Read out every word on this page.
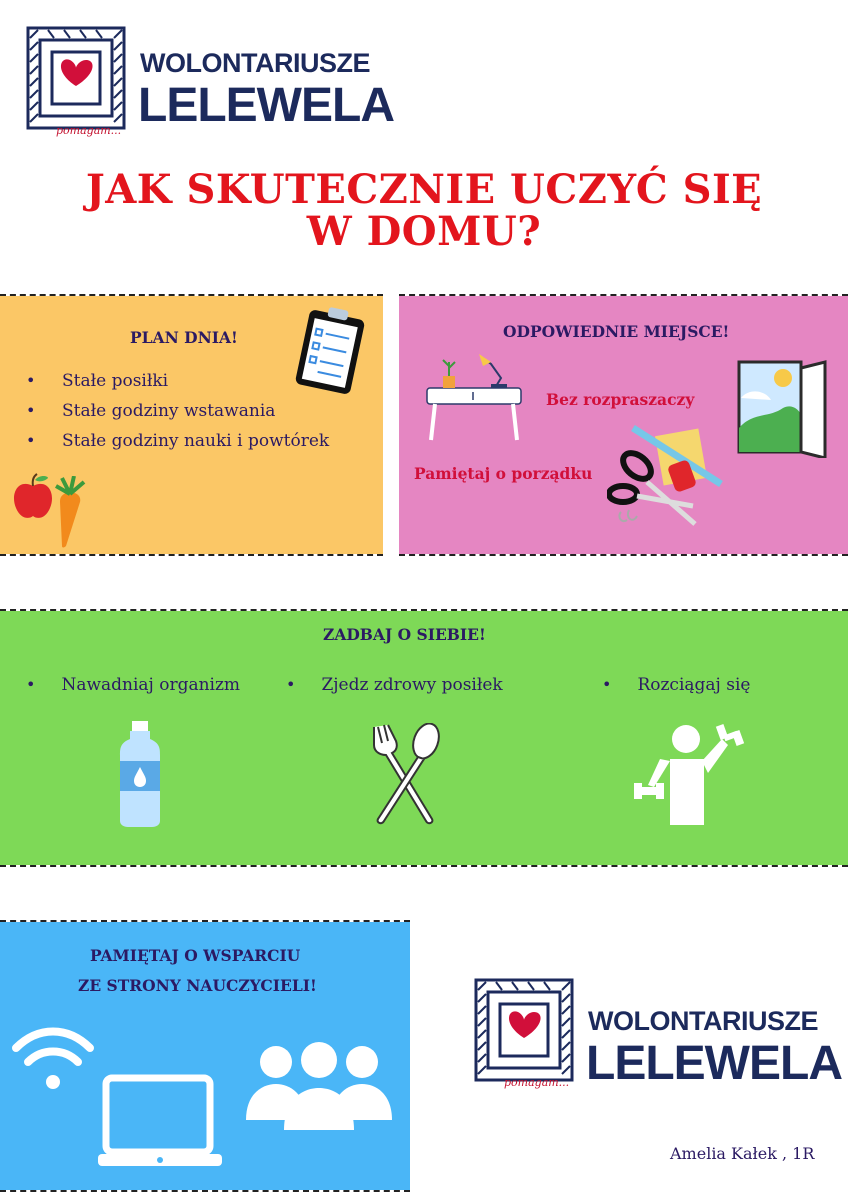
pomagam...
WOLONTARIUSZE
LELEWELA
JAK SKUTECZNIE UCZYĆ SIĘ
W DOMU?
PLAN DNIA!
• Stałe posiłki
• Stałe godziny wstawania
• Stałe godziny nauki i powtórek
ODPOWIEDNIE MIEJSCE!
Bez rozpraszaczy
Pamiętaj o porządku
ZADBAJ O SIEBIE!
• Nawadniaj organizm	• Zjedz zdrowy posiłek	• Rozciągaj się
PAMIĘTAJ O WSPARCIU
ZE STRONY NAUCZYCIELI!
pomagam...
WOLONTARIUSZE
LELEWELA
Amelia Kałek , 1R
